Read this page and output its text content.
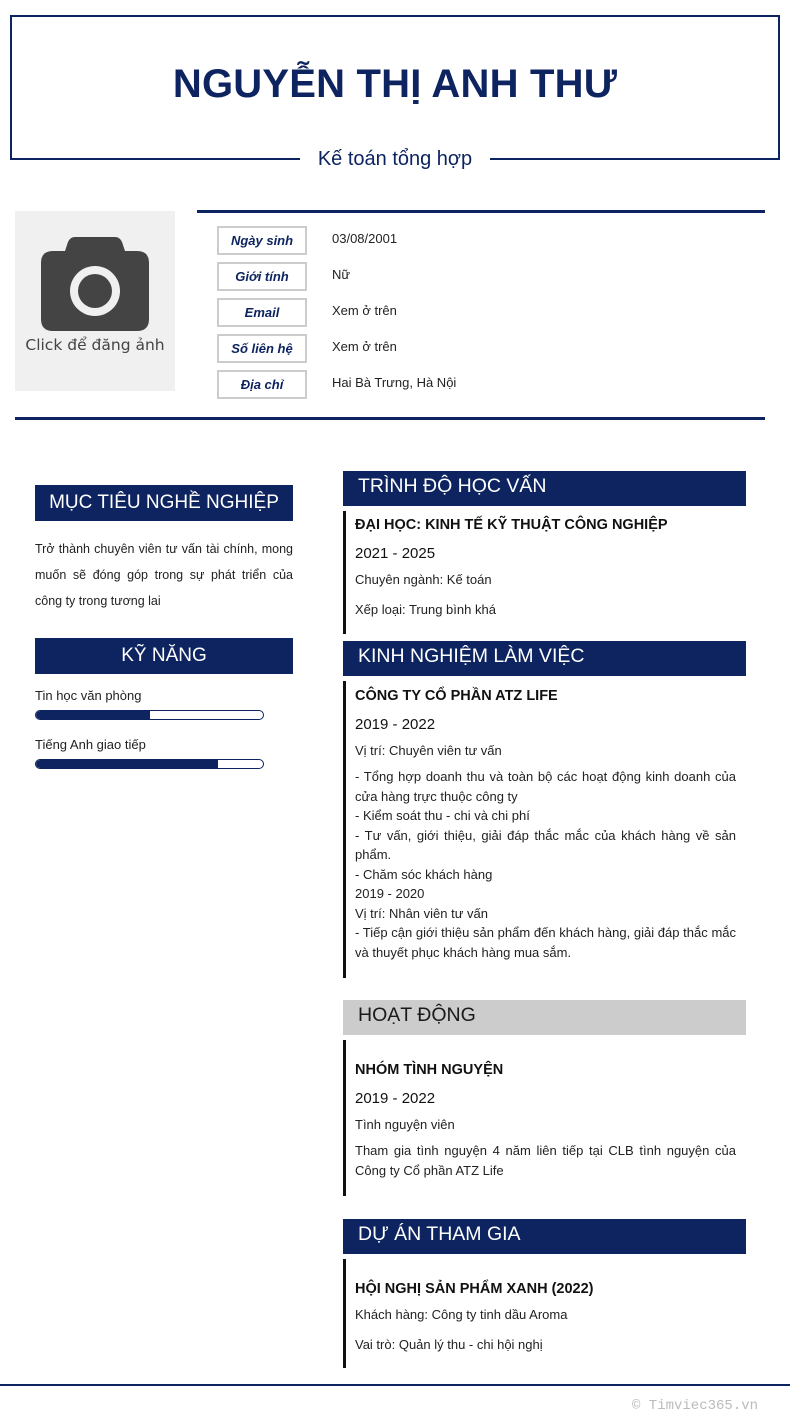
NGUYỄN THỊ ANH THƯ
Kế toán tổng hợp
Click để đăng ảnh
Ngày sinh	03/08/2001
Giới tính	Nữ
Email	Xem ở trên
Số liên hệ	Xem ở trên
Địa chỉ	Hai Bà Trưng, Hà Nội
MỤC TIÊU NGHỀ NGHIỆP
Trở thành chuyên viên tư vấn tài chính, mong muốn sẽ đóng góp trong sự phát triển của công ty trong tương lai
KỸ NĂNG
Tin học văn phòng
Tiếng Anh giao tiếp
TRÌNH ĐỘ HỌC VẤN
ĐẠI HỌC: KINH TẾ KỸ THUẬT CÔNG NGHIỆP
2021 - 2025
Chuyên ngành: Kế toán
Xếp loại: Trung bình khá
KINH NGHIỆM LÀM VIỆC
CÔNG TY CỔ PHẦN ATZ LIFE
2019 - 2022
Vị trí: Chuyên viên tư vấn
- Tổng hợp doanh thu và toàn bộ các hoạt động kinh doanh của cửa hàng trực thuộc công ty
- Kiểm soát thu - chi và chi phí
- Tư vấn, giới thiệu, giải đáp thắc mắc của khách hàng về sản phẩm.
- Chăm sóc khách hàng
2019 - 2020
Vị trí: Nhân viên tư vấn
- Tiếp cận giới thiệu sản phẩm đến khách hàng, giải đáp thắc mắc và thuyết phục khách hàng mua sắm.
HOẠT ĐỘNG
NHÓM TÌNH NGUYỆN
2019 - 2022
Tình nguyện viên
Tham gia tình nguyện 4 năm liên tiếp tại CLB tình nguyện của Công ty Cổ phần ATZ Life
DỰ ÁN THAM GIA
HỘI NGHỊ SẢN PHẨM XANH (2022)
Khách hàng: Công ty tinh dầu Aroma
Vai trò: Quản lý thu - chi hội nghị
© Timviec365.vn
